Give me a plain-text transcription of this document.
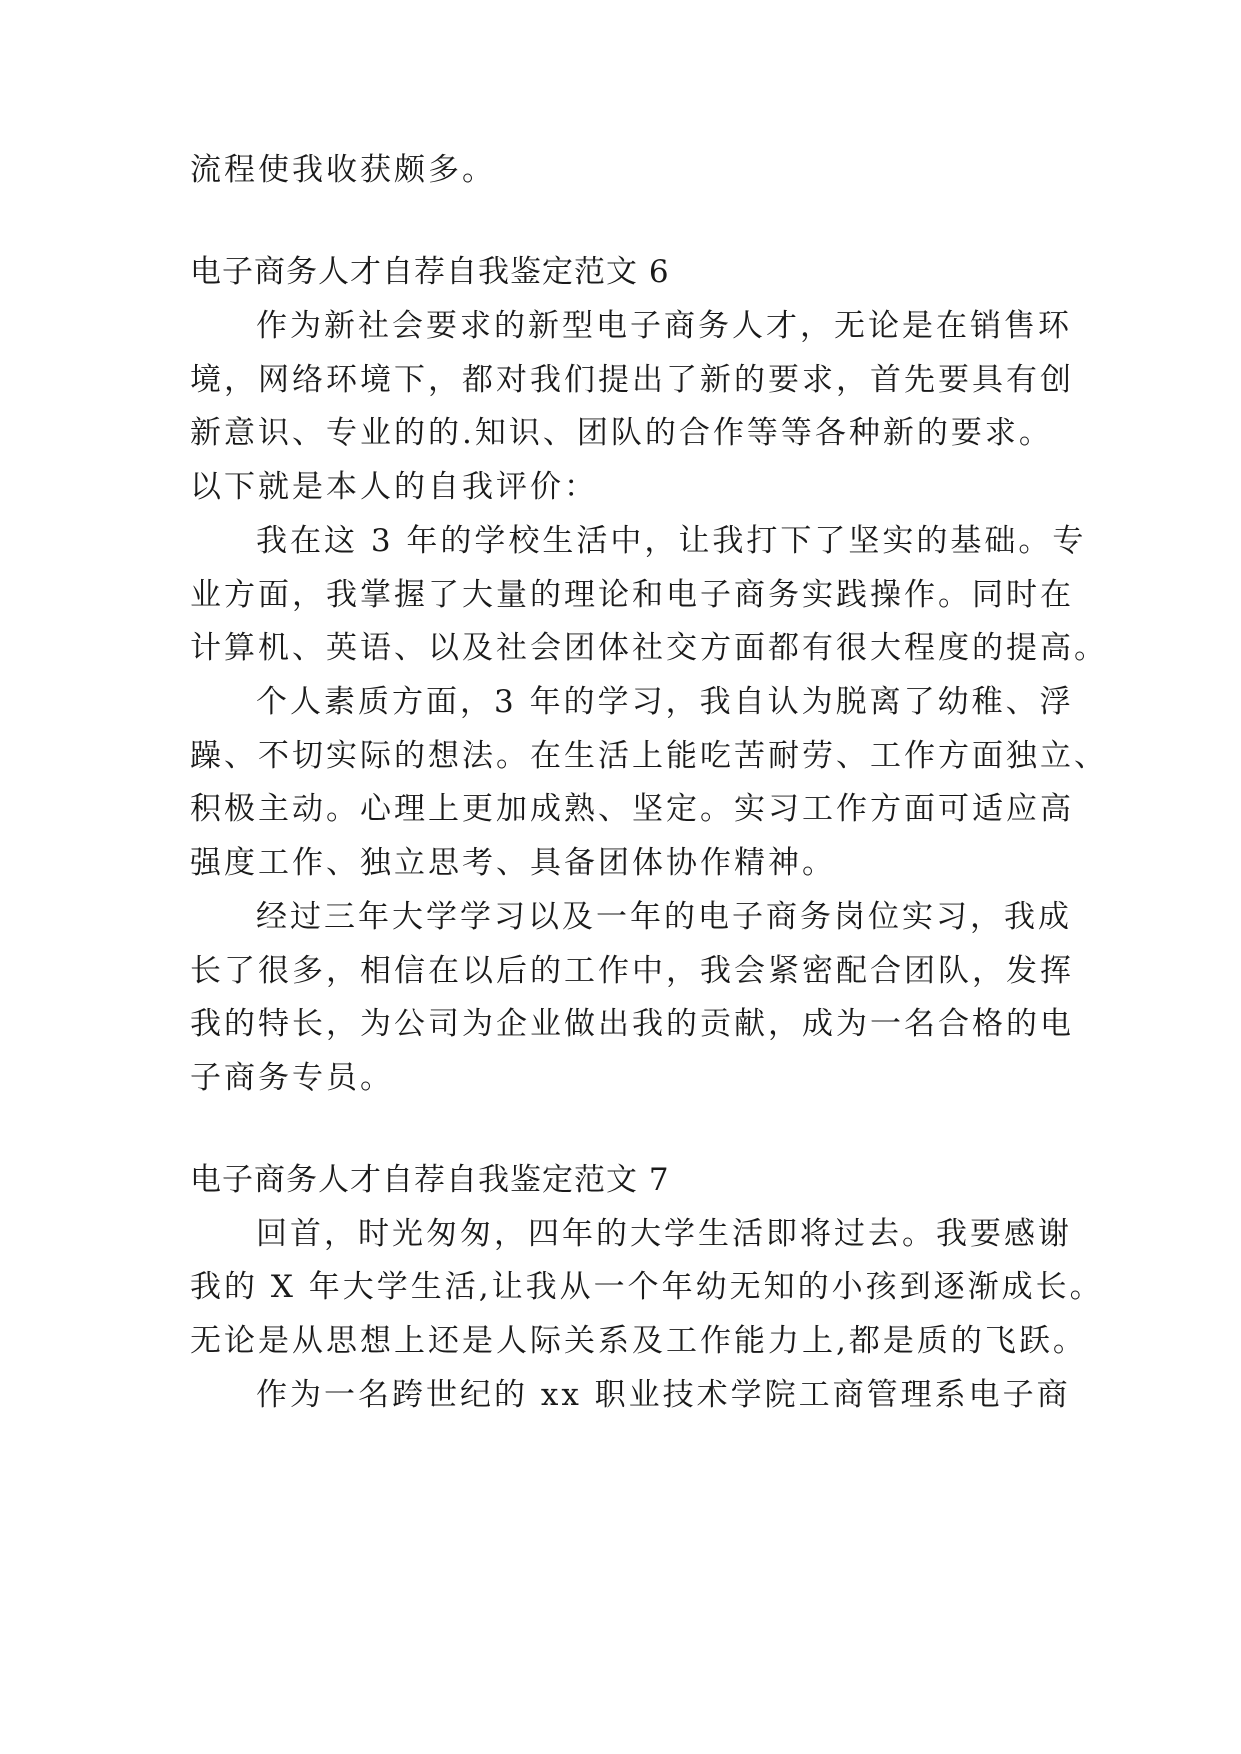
流程使我收获颇多。
电子商务人才自荐自我鉴定范文 6
作为新社会要求的新型电子商务人才，无论是在销售环
境，网络环境下，都对我们提出了新的要求，首先要具有创
新意识、专业的的.知识、团队的合作等等各种新的要求。
以下就是本人的自我评价：
我在这 3 年的学校生活中，让我打下了坚实的基础。专
业方面，我掌握了大量的理论和电子商务实践操作。同时在
计算机、英语、以及社会团体社交方面都有很大程度的提高。
个人素质方面，3 年的学习，我自认为脱离了幼稚、浮
躁、不切实际的想法。在生活上能吃苦耐劳、工作方面独立、
积极主动。心理上更加成熟、坚定。实习工作方面可适应高
强度工作、独立思考、具备团体协作精神。
经过三年大学学习以及一年的电子商务岗位实习，我成
长了很多，相信在以后的工作中，我会紧密配合团队，发挥
我的特长，为公司为企业做出我的贡献，成为一名合格的电
子商务专员。
电子商务人才自荐自我鉴定范文 7
回首，时光匆匆，四年的大学生活即将过去。我要感谢
我的 X 年大学生活,让我从一个年幼无知的小孩到逐渐成长。
无论是从思想上还是人际关系及工作能力上,都是质的飞跃。
作为一名跨世纪的 xx 职业技术学院工商管理系电子商
